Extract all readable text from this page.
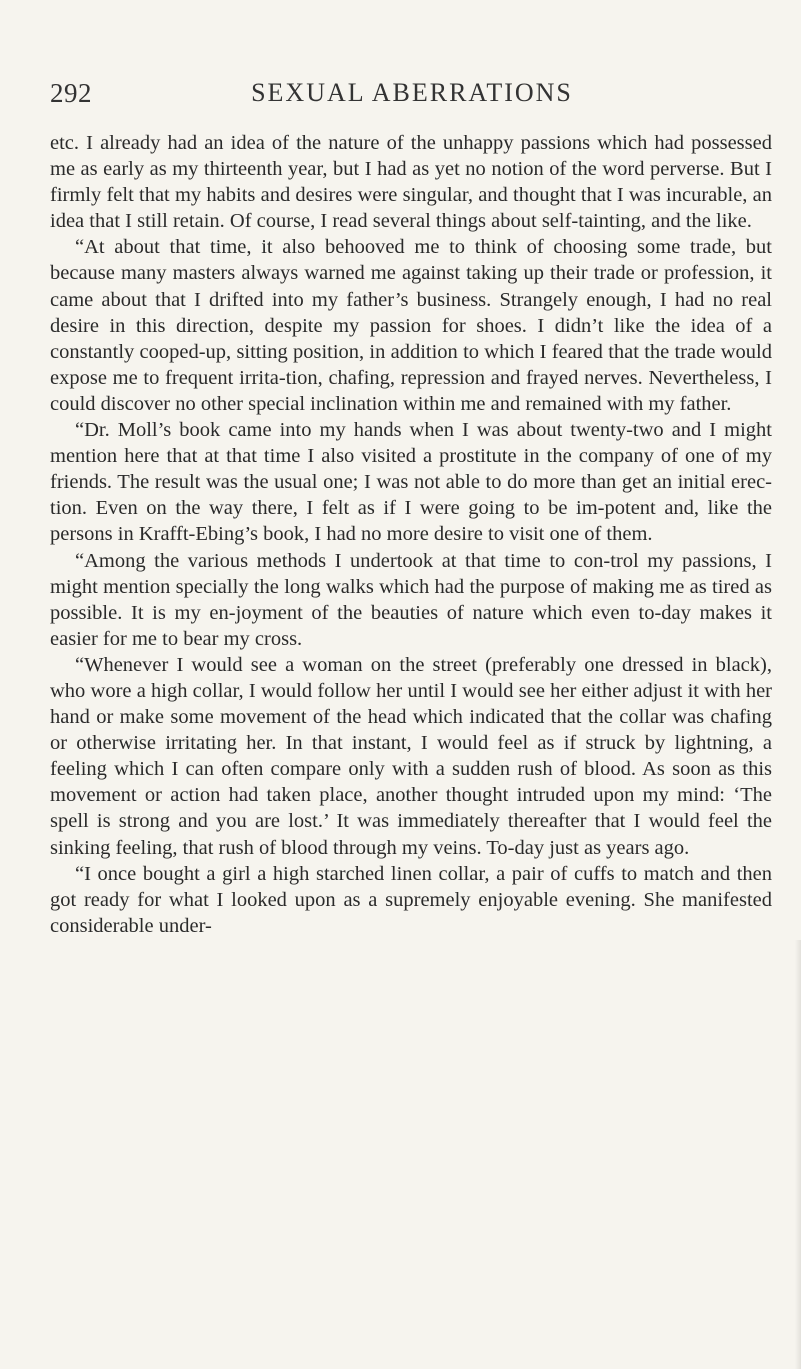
292	SEXUAL ABERRATIONS

etc. I already had an idea of the nature of the unhappy passions which had possessed me as early as my thirteenth year, but I had as yet no notion of the word perverse. But I firmly felt that my habits and desires were singular, and thought that I was incurable, an idea that I still retain. Of course, I read several things about self-tainting, and the like.

“At about that time, it also behooved me to think of choosing some trade, but because many masters always warned me against taking up their trade or profession, it came about that I drifted into my father’s business. Strangely enough, I had no real desire in this direction, despite my passion for shoes. I didn’t like the idea of a constantly cooped-up, sitting position, in addition to which I feared that the trade would expose me to frequent irrita-tion, chafing, repression and frayed nerves. Nevertheless, I could discover no other special inclination within me and remained with my father.

“Dr. Moll’s book came into my hands when I was about twenty-two and I might mention here that at that time I also visited a prostitute in the company of one of my friends. The result was the usual one; I was not able to do more than get an initial erec-tion. Even on the way there, I felt as if I were going to be im-potent and, like the persons in Krafft-Ebing’s book, I had no more desire to visit one of them.

“Among the various methods I undertook at that time to con-trol my passions, I might mention specially the long walks which had the purpose of making me as tired as possible. It is my en-joyment of the beauties of nature which even to-day makes it easier for me to bear my cross.

“Whenever I would see a woman on the street (preferably one dressed in black), who wore a high collar, I would follow her until I would see her either adjust it with her hand or make some movement of the head which indicated that the collar was chafing or otherwise irritating her. In that instant, I would feel as if struck by lightning, a feeling which I can often compare only with a sudden rush of blood. As soon as this movement or action had taken place, another thought intruded upon my mind: ‘The spell is strong and you are lost.’ It was immediately thereafter that I would feel the sinking feeling, that rush of blood through my veins. To-day just as years ago.

“I once bought a girl a high starched linen collar, a pair of cuffs to match and then got ready for what I looked upon as a supremely enjoyable evening. She manifested considerable under-
